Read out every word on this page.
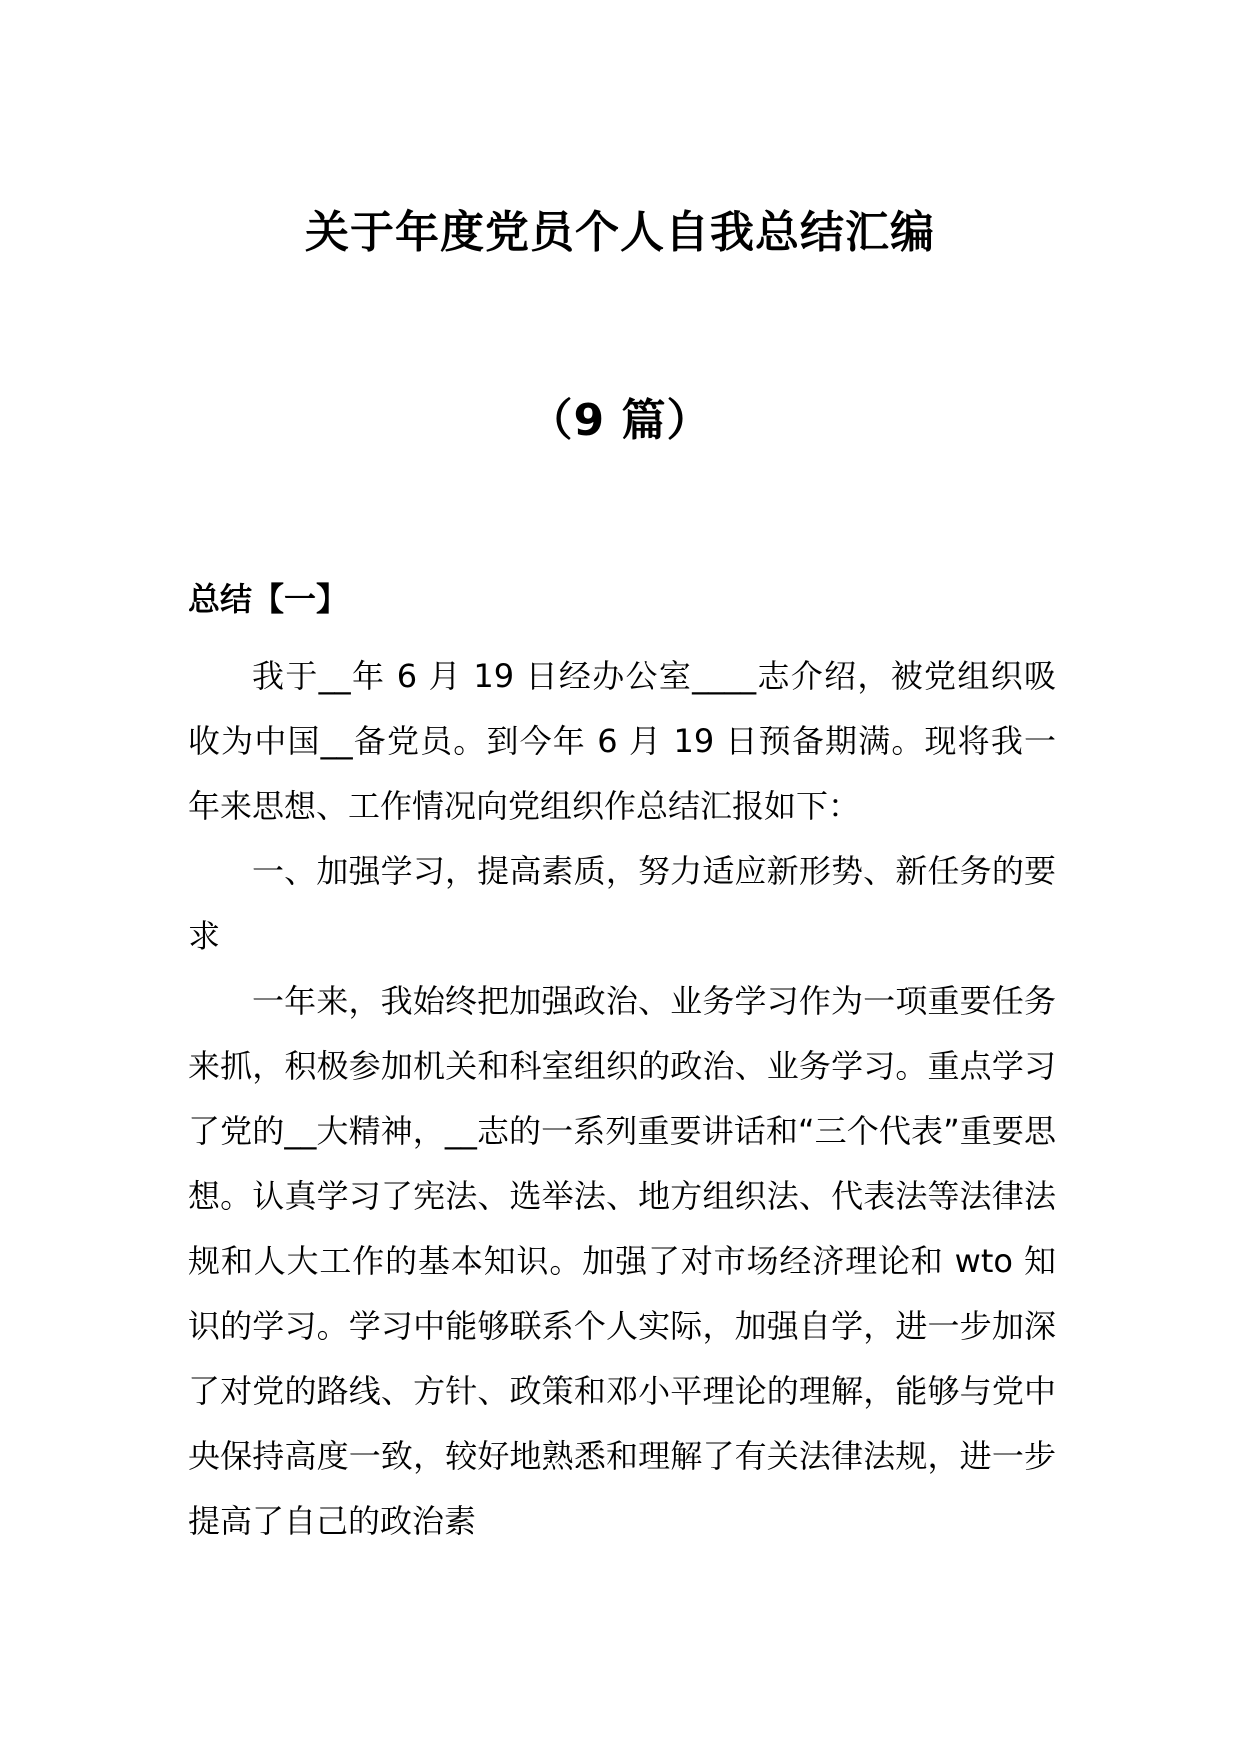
关于年度党员个人自我总结汇编
（9 篇）
总结【一】

我于__年 6 月 19 日经办公室____志介绍，被党组织吸收为中国__备党员。到今年 6 月 19 日预备期满。现将我一年来思想、工作情况向党组织作总结汇报如下：

一、加强学习，提高素质，努力适应新形势、新任务的要求

一年来，我始终把加强政治、业务学习作为一项重要任务来抓，积极参加机关和科室组织的政治、业务学习。重点学习了党的__大精神，__志的一系列重要讲话和“三个代表”重要思想。认真学习了宪法、选举法、地方组织法、代表法等法律法规和人大工作的基本知识。加强了对市场经济理论和 wto 知识的学习。学习中能够联系个人实际，加强自学，进一步加深了对党的路线、方针、政策和邓小平理论的理解，能够与党中央保持高度一致，较好地熟悉和理解了有关法律法规，进一步提高了自己的政治素
